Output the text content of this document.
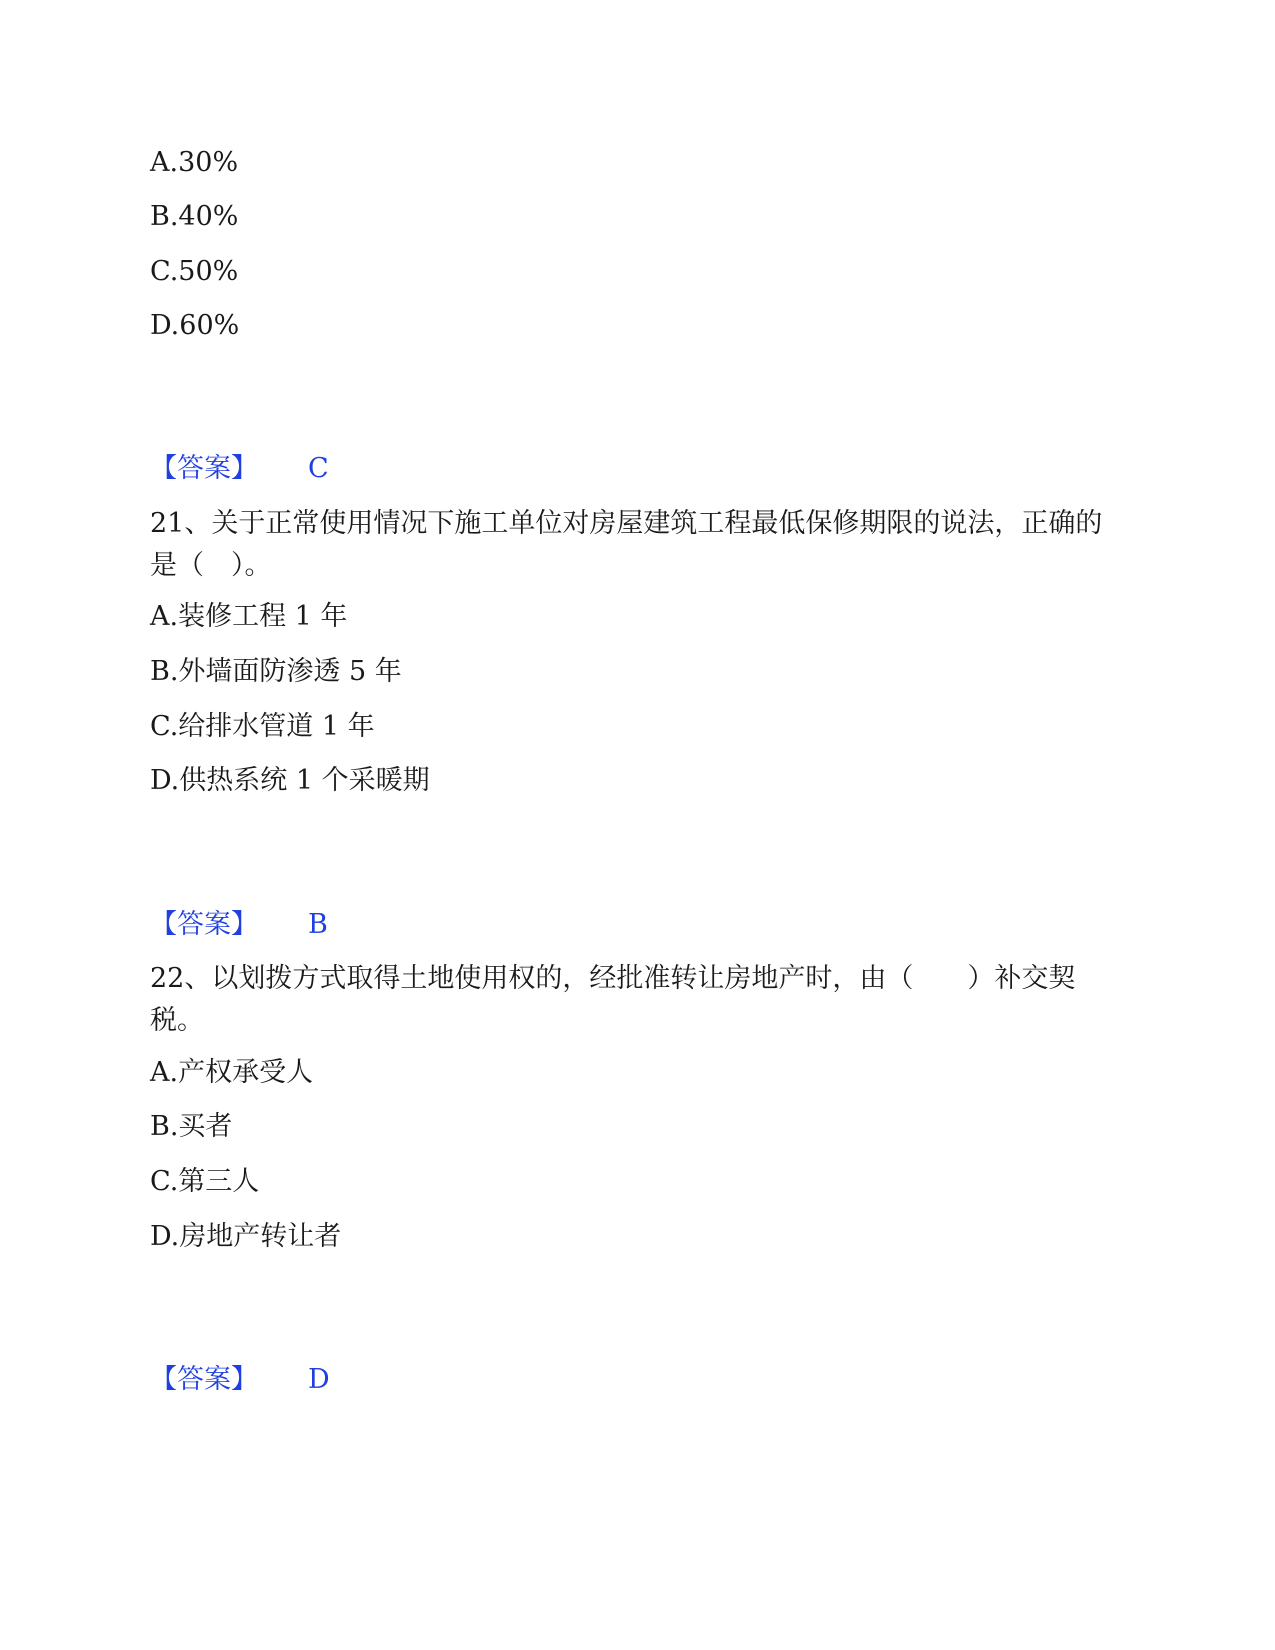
A.30%
B.40%
C.50%
D.60%
【答案】 C
21、关于正常使用情况下施工单位对房屋建筑工程最低保修期限的说法，正确的是（　）。
A.装修工程 1 年
B.外墙面防渗透 5 年
C.给排水管道 1 年
D.供热系统 1 个采暖期
【答案】 B
22、以划拨方式取得土地使用权的，经批准转让房地产时，由（　　）补交契税。
A.产权承受人
B.买者
C.第三人
D.房地产转让者
【答案】 D
